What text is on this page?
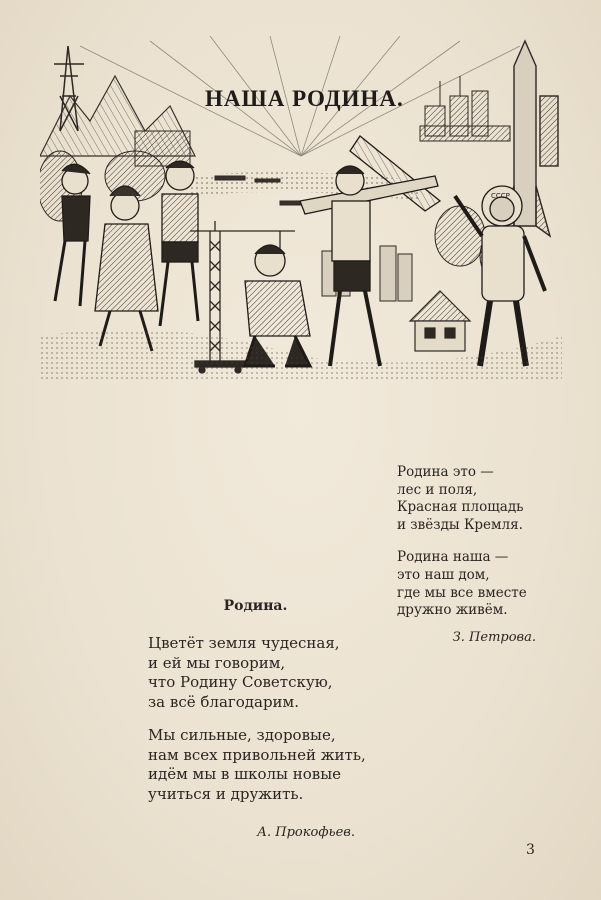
СССР
НАША РОДИНА.
Родина это —
лес и поля,
Красная площадь
и звёзды Кремля.
Родина наша —
это наш дом,
где мы все вместе
дружно живём.
З. Петрова.
Родина.
Цветёт земля чудесная,
и ей мы говорим,
что Родину Советскую,
за всё благодарим.
Мы сильные, здоровые,
нам всех привольней жить,
идём мы в школы новые
учиться и дружить.
А. Прокофьев.
3
